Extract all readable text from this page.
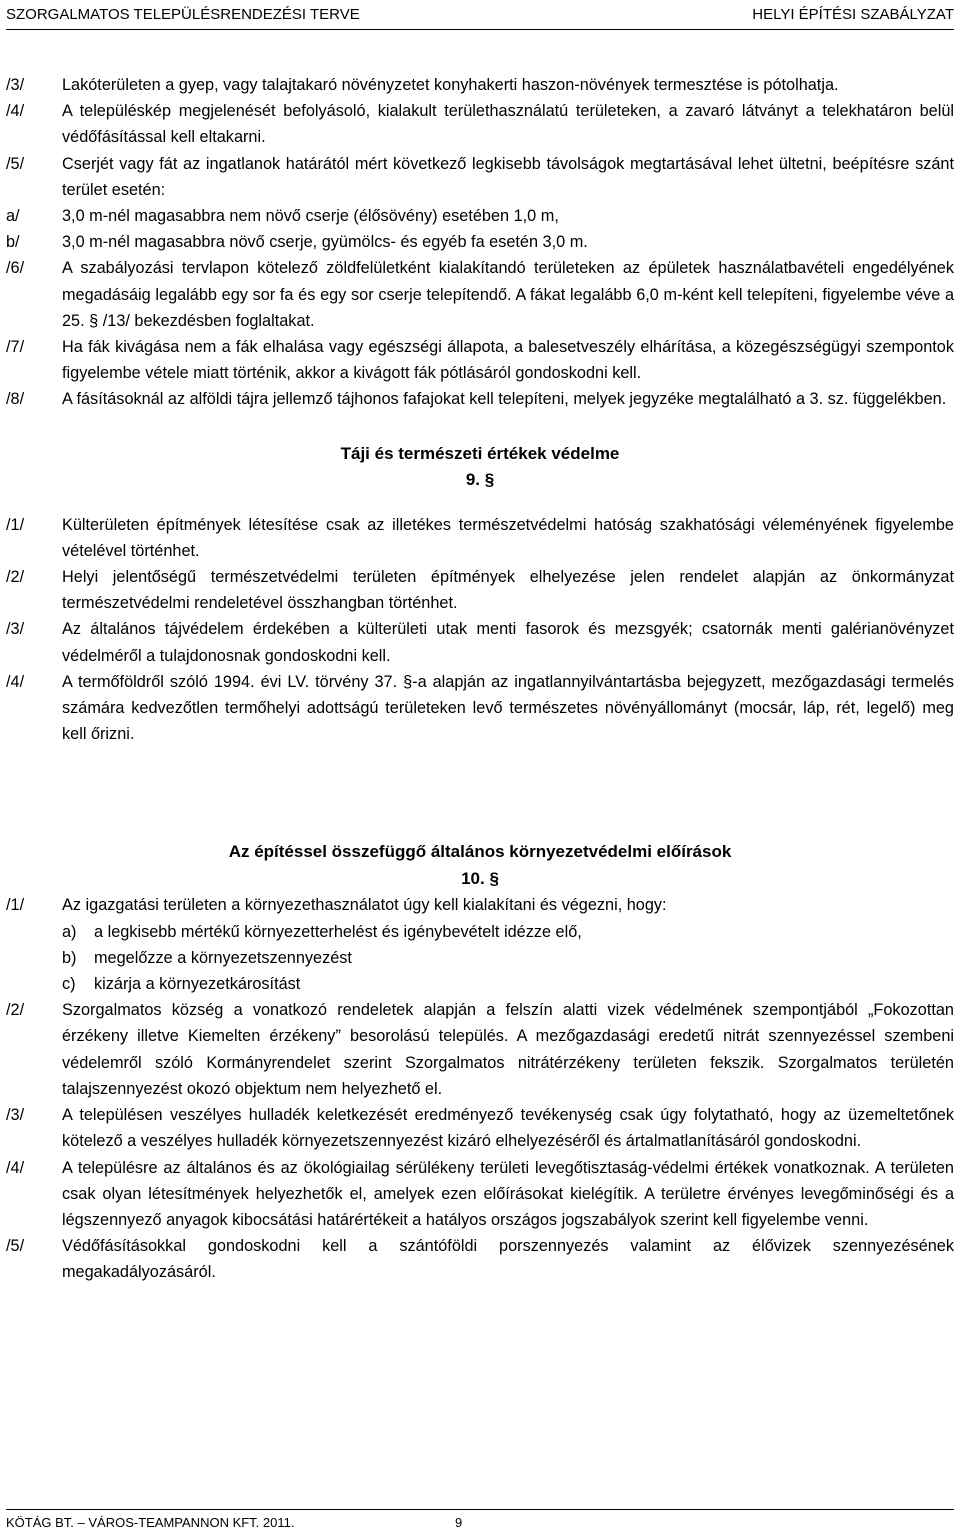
SZORGALMATOS TELEPÜLÉSRENDEZÉSI TERVE	HELYI ÉPÍTÉSI SZABÁLYZAT
/3/	Lakóterületen a gyep, vagy talajtakaró növényzetet konyhakerti haszon-növények termesztése is pótolhatja.
/4/	A településkép megjelenését befolyásoló, kialakult területhasználatú területeken, a zavaró látványt a telekhatáron belül védőfásítással kell eltakarni.
/5/	Cserjét vagy fát az ingatlanok határától mért következő legkisebb távolságok megtartásával lehet ültetni, beépítésre szánt terület esetén:
a/	3,0 m-nél magasabbra nem növő cserje (élősövény) esetében 1,0 m,
b/	3,0 m-nél magasabbra növő cserje, gyümölcs- és egyéb fa esetén 3,0 m.
/6/	A szabályozási tervlapon kötelező zöldfelületként kialakítandó területeken az épületek használatbavételi engedélyének megadásáig legalább egy sor fa és egy sor cserje telepítendő. A fákat legalább 6,0 m-ként kell telepíteni, figyelembe véve a 25. § /13/ bekezdésben foglaltakat.
/7/	Ha fák kivágása nem a fák elhalása vagy egészségi állapota, a balesetveszély elhárítása, a közegészségügyi szempontok figyelembe vétele miatt történik, akkor a kivágott fák pótlásáról gondoskodni kell.
/8/	A fásításoknál az alföldi tájra jellemző tájhonos fafajokat kell telepíteni, melyek jegyzéke megtalálható a 3. sz. függelékben.
Táji és természeti értékek védelme
9. §
/1/	Külterületen építmények létesítése csak az illetékes természetvédelmi hatóság szakhatósági véleményének figyelembe vételével történhet.
/2/	Helyi jelentőségű természetvédelmi területen építmények elhelyezése jelen rendelet alapján az önkormányzat természetvédelmi rendeletével összhangban történhet.
/3/	Az általános tájvédelem érdekében a külterületi utak menti fasorok és mezsgyék; csatornák menti galérianövényzet védelméről a tulajdonosnak gondoskodni kell.
/4/	A termőföldről szóló 1994. évi LV. törvény 37. §-a alapján az ingatlannyilvántartásba bejegyzett, mezőgazdasági termelés számára kedvezőtlen termőhelyi adottságú területeken levő természetes növényállományt (mocsár, láp, rét, legelő) meg kell őrizni.
Az építéssel összefüggő általános környezetvédelmi előírások
10. §
/1/	Az igazgatási területen a környezethasználatot úgy kell kialakítani és végezni, hogy:
a)	a legkisebb mértékű környezetterhelést és igénybevételt idézze elő,
b)	megelőzze a környezetszennyezést
c)	kizárja a környezetkárosítást
/2/	Szorgalmatos község a vonatkozó rendeletek alapján a felszín alatti vizek védelmének szempontjából „Fokozottan érzékeny illetve Kiemelten érzékeny” besorolású település. A mezőgazdasági eredetű nitrát szennyezéssel szembeni védelemről szóló Kormányrendelet szerint Szorgalmatos nitrátérzékeny területen fekszik. Szorgalmatos területén talajszennyezést okozó objektum nem helyezhető el.
/3/	A településen veszélyes hulladék keletkezését eredményező tevékenység csak úgy folytatható, hogy az üzemeltetőnek kötelező a veszélyes hulladék környezetszennyezést kizáró elhelyezéséről és ártalmatlanításáról gondoskodni.
/4/	A településre az általános és az ökológiailag sérülékeny területi levegőtisztaság-védelmi értékek vonatkoznak. A területen csak olyan létesítmények helyezhetők el, amelyek ezen előírásokat kielégítik. A területre érvényes levegőminőségi és a légszennyező anyagok kibocsátási határértékeit a hatályos országos jogszabályok szerint kell figyelembe venni.
/5/	Védőfásításokkal gondoskodni kell a szántóföldi porszennyezés valamint az élővizek szennyezésének megakadályozásáról.
KÖTÁG BT. – VÁROS-TEAMPANNON KFT. 2011.	9
